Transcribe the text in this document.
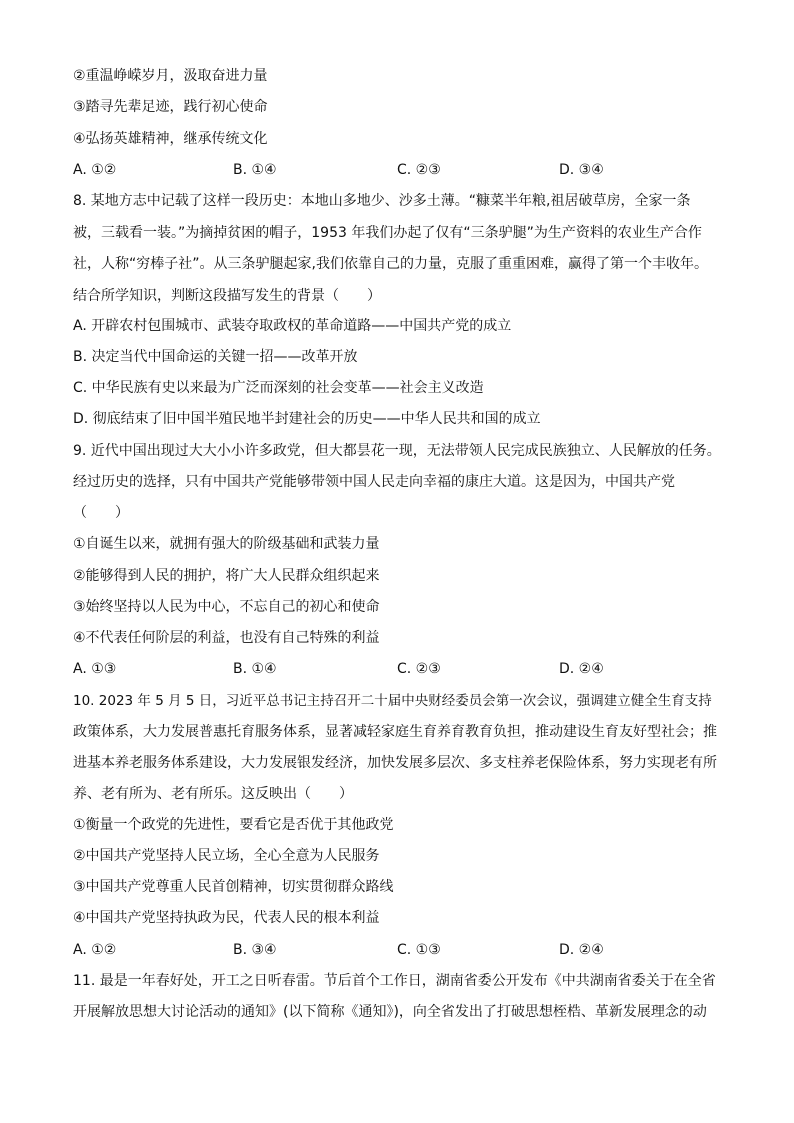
②重温峥嵘岁月，汲取奋进力量
③踏寻先辈足迹，践行初心使命
④弘扬英雄精神，继承传统文化
A. ①②	B. ①④	C. ②③	D. ③④
8. 某地方志中记载了这样一段历史：本地山多地少、沙多土薄。“糠菜半年粮,祖居破草房，全家一条
被，三载看一装。”为摘掉贫困的帽子，1953 年我们办起了仅有“三条驴腿”为生产资料的农业生产合作
社，人称“穷棒子社”。从三条驴腿起家,我们依靠自己的力量，克服了重重困难，赢得了第一个丰收年。
结合所学知识，判断这段描写发生的背景（　　）
A. 开辟农村包围城市、武装夺取政权的革命道路——中国共产党的成立
B. 决定当代中国命运的关键一招——改革开放
C. 中华民族有史以来最为广泛而深刻的社会变革——社会主义改造
D. 彻底结束了旧中国半殖民地半封建社会的历史——中华人民共和国的成立
9. 近代中国出现过大大小小许多政党，但大都昙花一现，无法带领人民完成民族独立、人民解放的任务。
经过历史的选择，只有中国共产党能够带领中国人民走向幸福的康庄大道。这是因为，中国共产党
（　　）
①自诞生以来，就拥有强大的阶级基础和武装力量
②能够得到人民的拥护，将广大人民群众组织起来
③始终坚持以人民为中心，不忘自己的初心和使命
④不代表任何阶层的利益，也没有自己特殊的利益
A. ①③	B. ①④	C. ②③	D. ②④
10. 2023 年 5 月 5 日，习近平总书记主持召开二十届中央财经委员会第一次会议，强调建立健全生育支持
政策体系，大力发展普惠托育服务体系，显著减轻家庭生育养育教育负担，推动建设生育友好型社会；推
进基本养老服务体系建设，大力发展银发经济，加快发展多层次、多支柱养老保险体系，努力实现老有所
养、老有所为、老有所乐。这反映出（　　）
①衡量一个政党的先进性，要看它是否优于其他政党
②中国共产党坚持人民立场，全心全意为人民服务
③中国共产党尊重人民首创精神，切实贯彻群众路线
④中国共产党坚持执政为民，代表人民的根本利益
A. ①②	B. ③④	C. ①③	D. ②④
11. 最是一年春好处，开工之日听春雷。节后首个工作日，湖南省委公开发布《中共湖南省委关于在全省
开展解放思想大讨论活动的通知》(以下简称《通知》)，向全省发出了打破思想桎梏、革新发展理念的动
